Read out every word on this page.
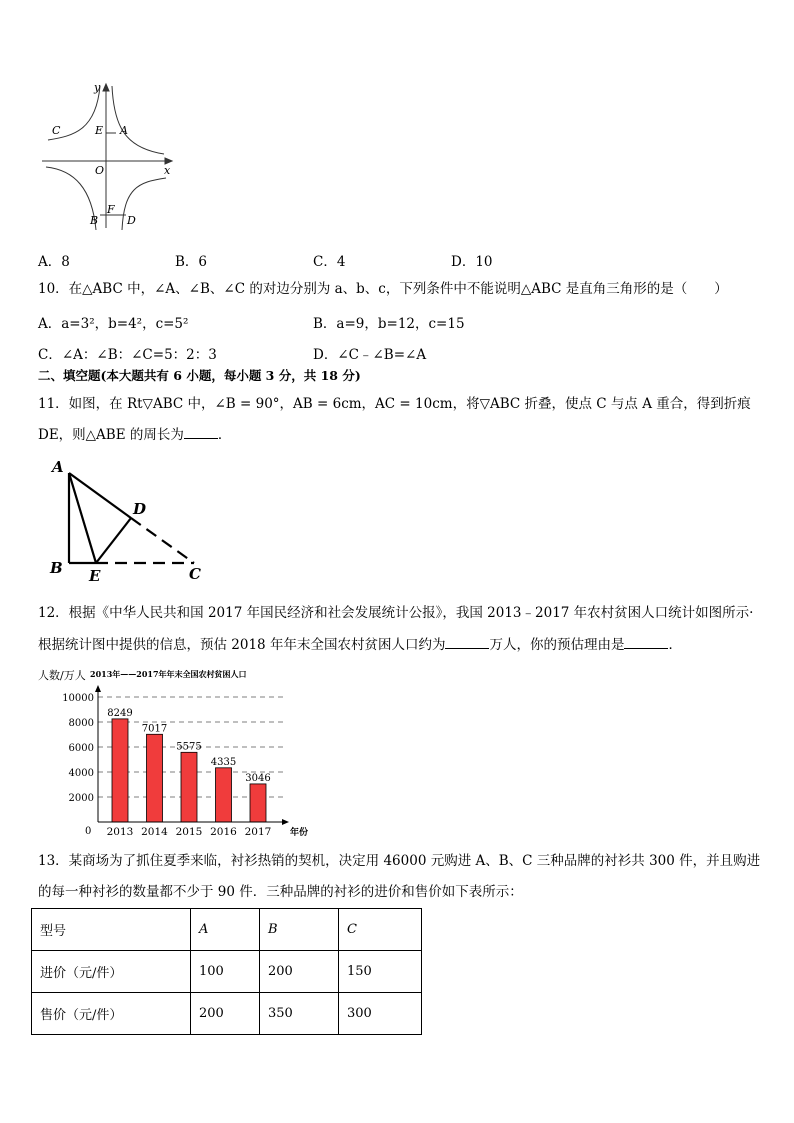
y
x
O
C	E A
B
F
D
A．8	B．6	C．4	D．10
10．在△ABC 中，∠A、∠B、∠C 的对边分别为 a、b、c，下列条件中不能说明△ABC 是直角三角形的是（　　）
A．a=3²，b=4²，c=5²	B．a=9，b=12，c=15
C．∠A：∠B：∠C=5：2：3	D．∠C﹣∠B=∠A
二、填空题(本大题共有 6 小题，每小题 3 分，共 18 分)
11．如图，在 Rt▽ABC 中，∠B = 90°，AB = 6cm，AC = 10cm，将▽ABC 折叠，使点 C 与点 A 重合，得到折痕
DE，则△ABE 的周长为	．
A
B	C
D
E
12．根据《中华人民共和国 2017 年国民经济和社会发展统计公报》，我国 2013﹣2017 年农村贫困人口统计如图所示·
根据统计图中提供的信息，预估 2018 年年末全国农村贫困人口约为	万人，你的预估理由是	．
人数/万人 2013年——2017年年末全国农村贫困人口
8249
7017
5575
4335
3046
10000
8000
6000
4000
2000
2013 2014 2015 2016 2017
0	年份
13．某商场为了抓住夏季来临，衬衫热销的契机，决定用 46000 元购进 A、B、C 三种品牌的衬衫共 300 件，并且购进
的每一种衬衫的数量都不少于 90 件．三种品牌的衬衫的进价和售价如下表所示：
型号	A	B	C
进价（元/件）	100	200	150
售价（元/件）	200	350	300
